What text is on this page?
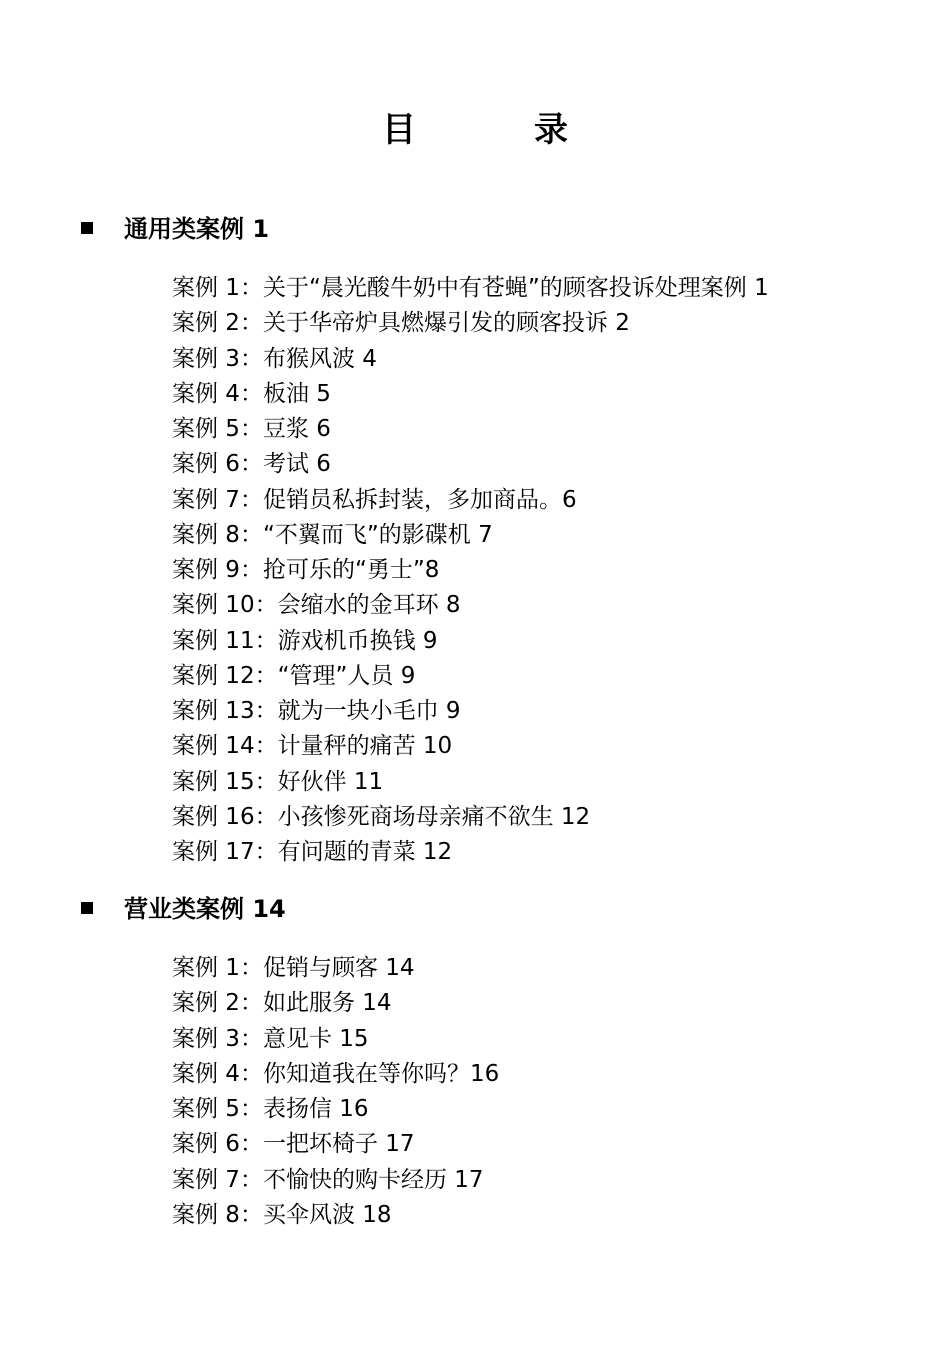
目　录
通用类案例 1
案例 1：关于“晨光酸牛奶中有苍蝇”的顾客投诉处理案例 1
案例 2：关于华帝炉具燃爆引发的顾客投诉 2
案例 3：布猴风波 4
案例 4：板油 5
案例 5：豆浆 6
案例 6：考试 6
案例 7：促销员私拆封装，多加商品。6
案例 8：“不翼而飞”的影碟机 7
案例 9：抢可乐的“勇士”8
案例 10：会缩水的金耳环 8
案例 11：游戏机币换钱 9
案例 12：“管理”人员 9
案例 13：就为一块小毛巾 9
案例 14：计量秤的痛苦 10
案例 15：好伙伴 11
案例 16：小孩惨死商场母亲痛不欲生 12
案例 17：有问题的青菜 12
营业类案例 14
案例 1：促销与顾客 14
案例 2：如此服务 14
案例 3：意见卡 15
案例 4：你知道我在等你吗？16
案例 5：表扬信 16
案例 6：一把坏椅子 17
案例 7：不愉快的购卡经历 17
案例 8：买伞风波 18
